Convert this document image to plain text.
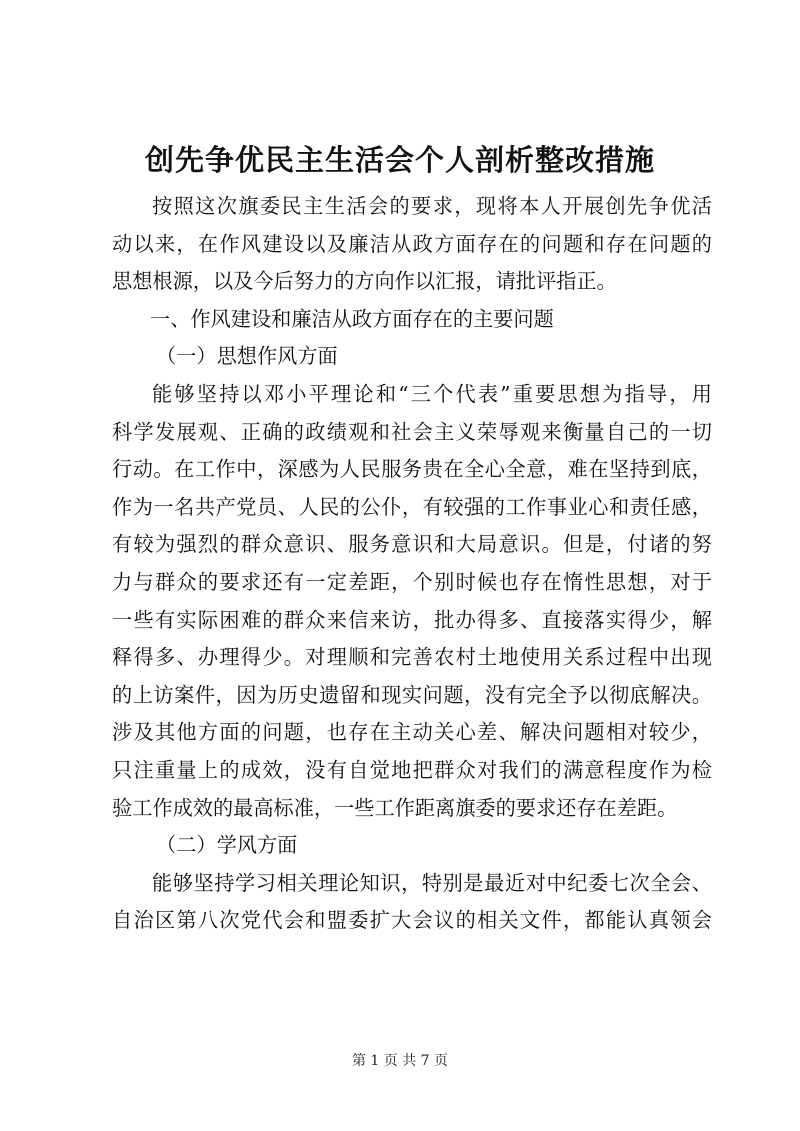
创先争优民主生活会个人剖析整改措施
按照这次旗委民主生活会的要求，现将本人开展创先争优活
动以来，在作风建设以及廉洁从政方面存在的问题和存在问题的
思想根源，以及今后努力的方向作以汇报，请批评指正。
一、作风建设和廉洁从政方面存在的主要问题
（一）思想作风方面
能够坚持以邓小平理论和“三个代表”重要思想为指导，用
科学发展观、正确的政绩观和社会主义荣辱观来衡量自己的一切
行动。在工作中，深感为人民服务贵在全心全意，难在坚持到底，
作为一名共产党员、人民的公仆，有较强的工作事业心和责任感，
有较为强烈的群众意识、服务意识和大局意识。但是，付诸的努
力与群众的要求还有一定差距，个别时候也存在惰性思想，对于
一些有实际困难的群众来信来访，批办得多、直接落实得少，解
释得多、办理得少。对理顺和完善农村土地使用关系过程中出现
的上访案件，因为历史遗留和现实问题，没有完全予以彻底解决。
涉及其他方面的问题，也存在主动关心差、解决问题相对较少，
只注重量上的成效，没有自觉地把群众对我们的满意程度作为检
验工作成效的最高标准，一些工作距离旗委的要求还存在差距。
（二）学风方面
能够坚持学习相关理论知识，特别是最近对中纪委七次全会、
自治区第八次党代会和盟委扩大会议的相关文件，都能认真领会
第 1 页 共 7 页
